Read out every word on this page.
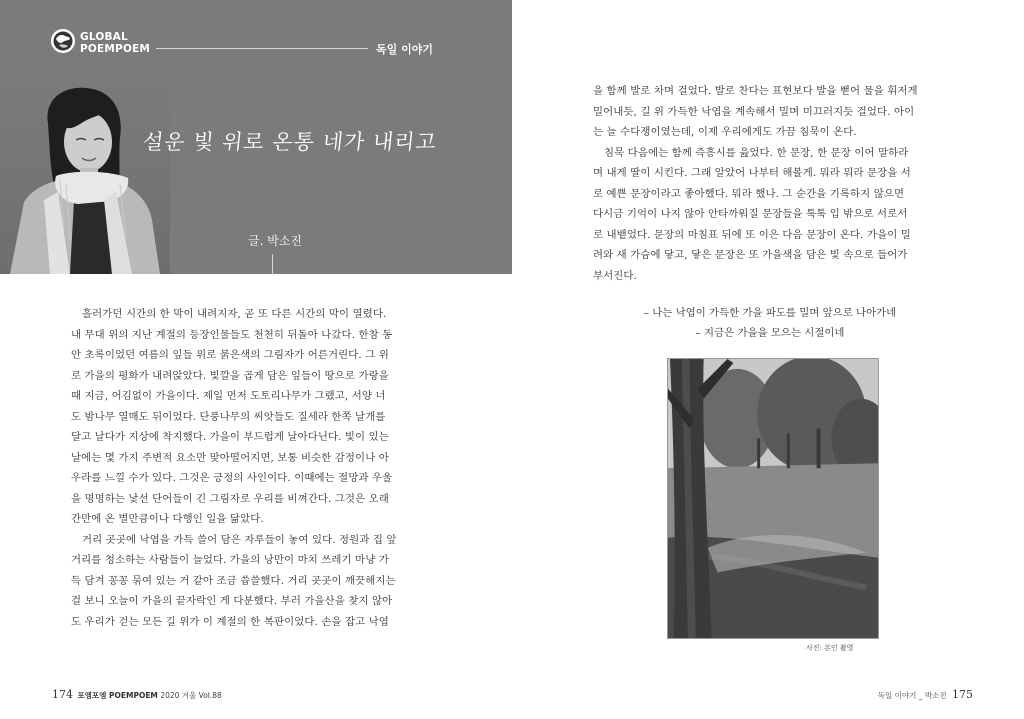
GLOBAL
POEMPOEM	독일 이야기
설운 빛 위로 온통 네가 내리고
글. 박소진

흘러가던 시간의 한 막이 내려지자, 곧 또 다른 시간의 막이 열렸다.

내 무대 위의 지난 계절의 등장인물들도 천천히 뒤돌아 나갔다. 한참 동

안 초록이었던 여름의 잎들 위로 붉은색의 그림자가 어른거린다. 그 위

로 가을의 평화가 내려앉았다. 빛깔을 곱게 담은 잎들이 땅으로 가랑을

때 지금, 어김없이 가을이다. 제일 먼저 도토리나무가 그랬고, 서양 너

도 밤나무 열매도 뒤이었다. 단풍나무의 씨앗들도 질세라 한쪽 날개를

달고 날다가 지상에 착지했다. 가을이 부드럽게 날아다닌다. 빛이 있는

날에는 몇 가지 주변적 요소만 맞아떨어지면, 보통 비슷한 감정이나 아

우라를 느낄 수가 있다. 그것은 긍정의 사인이다. 이때에는 절망과 우울

을 명명하는 낯선 단어들이 긴 그림자로 우리를 비껴간다. 그것은 오래

간만에 온 별만큼이나 다행인 일을 닮았다.

거리 곳곳에 낙엽을 가득 쓸어 담은 자루들이 놓여 있다. 정원과 집 앞

거리를 청소하는 사람들이 늘었다. 가을의 낭만이 마치 쓰레기 마냥 가

득 담겨 꽁꽁 묶여 있는 거 같아 조금 씁쓸했다. 거리 곳곳이 깨끗해지는

걸 보니 오늘이 가을의 끝자락인 게 다분했다. 부러 가을산을 찾지 않아

도 우리가 걷는 모든 길 위가 이 계절의 한 복판이었다. 손을 잡고 낙엽

을 함께 발로 차며 걸었다. 발로 찬다는 표현보다 발을 뻗어 물을 휘저게

밀어내듯, 길 위 가득한 낙엽을 계속해서 밀며 미끄러지듯 걸었다. 아이

는 늘 수다쟁이였는데, 이제 우리에게도 가끔 침묵이 온다.

침묵 다음에는 함께 즉흥시를 읊었다. 한 문장, 한 문장 이어 말하라

며 내게 딸이 시킨다. 그래 알았어 나부터 해볼게. 뭐라 뭐라 문장을 서

로 예쁜 문장이라고 좋아했다. 뭐라 했나. 그 순간을 기록하지 않으면

다시금 기억이 나지 않아 안타까워질 문장들을 툭툭 입 밖으로 서로서

로 내뱉었다. 문장의 마침표 뒤에 또 이은 다음 문장이 온다. 가을이 밀

려와 새 가슴에 닿고, 닿은 문장은 또 가을색을 담은 빛 속으로 들어가

부서진다.

– 나는 낙엽이 가득한 가을 파도를 밀며 앞으로 나아가네

– 지금은 가을을 모으는 시절이네

사진: 본인 촬영
174 포엠포엠 POEMPOEM 2020 겨울 Vol.88	독일 이야기 _ 박소진 175
